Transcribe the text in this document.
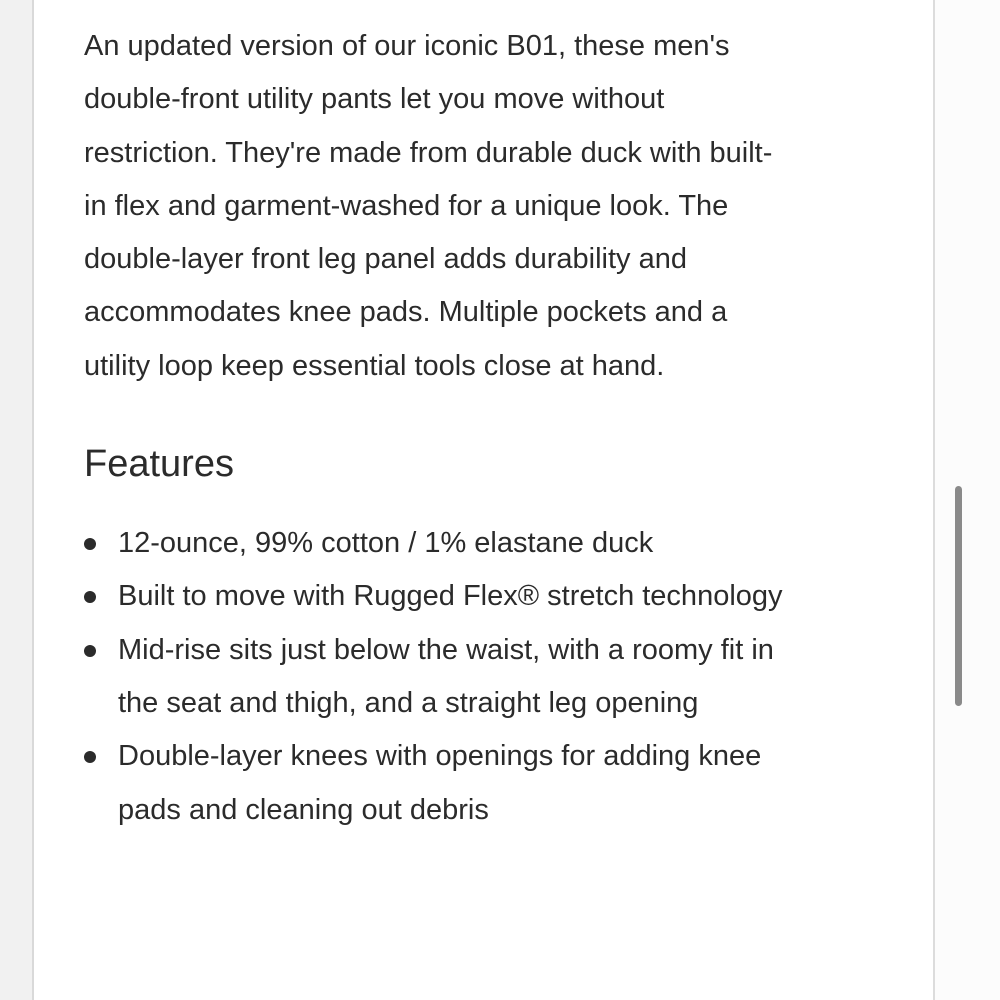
An updated version of our iconic B01, these men's double-front utility pants let you move without restriction. They're made from durable duck with built-in flex and garment-washed for a unique look. The double-layer front leg panel adds durability and accommodates knee pads. Multiple pockets and a utility loop keep essential tools close at hand.

Features
12-ounce, 99% cotton / 1% elastane duck
Built to move with Rugged Flex® stretch technology
Mid-rise sits just below the waist, with a roomy fit in the seat and thigh, and a straight leg opening
Double-layer knees with openings for adding knee pads and cleaning out debris
